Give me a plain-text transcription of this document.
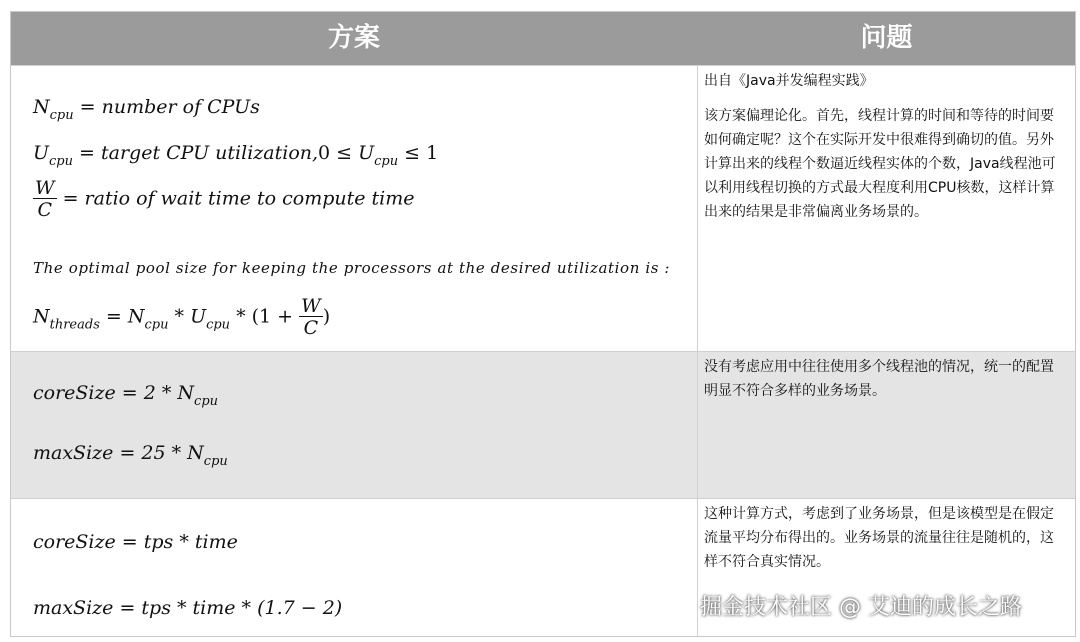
方案	问题
$N_{cpu}$ = number of CPUs
$U_{cpu}$ = target CPU utilization,0 ≤ $U_{cpu} \le 1$
$\frac{W}{C}$ = ratio of wait time to compute time
The optimal pool size for keeping the processors at the desired utilization is :
$N_{threads} = N_{cpu} * U_{cpu} * (1 + \frac{W}{C}$ )

出自《Java并发编程实践》

该方案偏理论化。首先，线程计算的时间和等待的时间要如何确定呢？这个在实际开发中很难得到确切的值。另外计算出来的线程个数逼近线程实体的个数，Java线程池可以利用线程切换的方式最大程度利用CPU核数，这样计算出来的结果是非常偏离业务场景的。

coreSize = $2 * N_{cpu}$
maxSize = $25 * N_{cpu}$

没有考虑应用中往往使用多个线程池的情况，统一的配置明显不符合多样的业务场景。

coreSize = tps * time
maxSize = tps * time * (1.7 − 2)

这种计算方式，考虑到了业务场景，但是该模型是在假定流量平均分布得出的。业务场景的流量往往是随机的，这样不符合真实情况。

掘金技术社区 @ 艾迪的成长之路
